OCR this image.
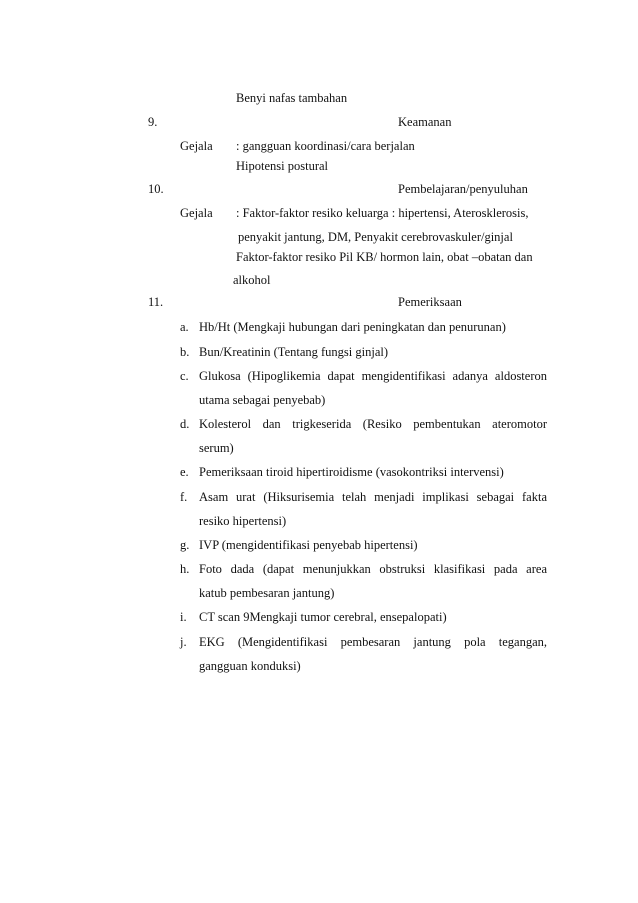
Benyi nafas tambahan
9.	Keamanan
Gejala : gangguan koordinasi/cara berjalan
Hipotensi postural
10.	Pembelajaran/penyuluhan
Gejala : Faktor-faktor resiko keluarga : hipertensi, Aterosklerosis,
penyakit jantung, DM, Penyakit cerebrovaskuler/ginjal
Faktor-faktor resiko Pil KB/ hormon lain, obat –obatan dan
alkohol
11.	Pemeriksaan
a. Hb/Ht (Mengkaji hubungan dari peningkatan dan penurunan)
b. Bun/Kreatinin (Tentang fungsi ginjal)
c. Glukosa (Hipoglikemia dapat mengidentifikasi adanya aldosteron
utama sebagai penyebab)
d. Kolesterol dan trigkeserida (Resiko pembentukan ateromotor
serum)
e. Pemeriksaan tiroid hipertiroidisme (vasokontriksi intervensi)
f. Asam urat (Hiksurisemia telah menjadi implikasi sebagai fakta
resiko hipertensi)
g. IVP (mengidentifikasi penyebab hipertensi)
h. Foto dada (dapat menunjukkan obstruksi klasifikasi pada area
katub pembesaran jantung)
i. CT scan 9Mengkaji tumor cerebral, ensepalopati)
j. EKG (Mengidentifikasi pembesaran jantung pola tegangan,
gangguan konduksi)
